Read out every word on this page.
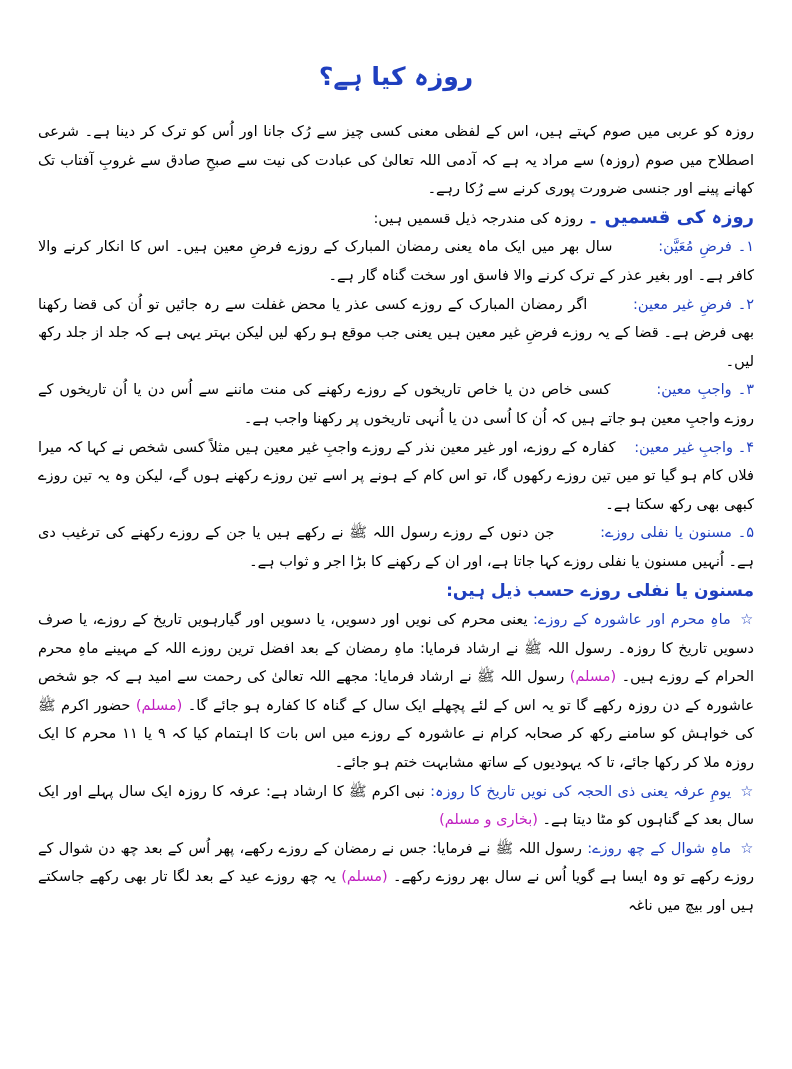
روزہ کیا ہے؟

روزہ کو عربی میں صوم کہتے ہیں، اس کے لفظی معنی کسی چیز سے رُک جانا اور اُس کو ترک کر دینا ہے۔ شرعی اصطلاح میں صوم (روزہ) سے مراد یہ ہے کہ آدمی اللہ تعالیٰ کی عبادت کی نیت سے صبحِ صادق سے غروبِ آفتاب تک کھانے پینے اور جنسی ضرورت پوری کرنے سے رُکا رہے۔

روزہ کی قسمیں ۔ روزہ کی مندرجہ ذیل قسمیں ہیں:

۱۔ فرضِ مُعَیَّن: سال بھر میں ایک ماہ یعنی رمضان المبارک کے روزے فرضِ معین ہیں۔ اس کا انکار کرنے والا کافر ہے۔ اور بغیر عذر کے ترک کرنے والا فاسق اور سخت گناہ گار ہے۔

۲۔ فرضِ غیر معین: اگر رمضان المبارک کے روزے کسی عذر یا محض غفلت سے رہ جائیں تو اُن کی قضا رکھنا بھی فرض ہے۔ قضا کے یہ روزے فرضِ غیر معین ہیں یعنی جب موقع ہو رکھ لیں لیکن بہتر یہی ہے کہ جلد از جلد رکھ لیں۔

۳۔ واجبِ معین: کسی خاص دن یا خاص تاریخوں کے روزے رکھنے کی منت ماننے سے اُس دن یا اُن تاریخوں کے روزے واجبِ معین ہو جاتے ہیں کہ اُن کا اُسی دن یا اُنہی تاریخوں پر رکھنا واجب ہے۔

۴۔ واجبِ غیر معین: کفارہ کے روزے، اور غیر معین نذر کے روزے واجبِ غیر معین ہیں مثلاً کسی شخص نے کہا کہ میرا فلاں کام ہو گیا تو میں تین روزے رکھوں گا، تو اس کام کے ہونے پر اسے تین روزے رکھنے ہوں گے، لیکن وہ یہ تین روزے کبھی بھی رکھ سکتا ہے۔

۵۔ مسنون یا نفلی روزے: جن دنوں کے روزے رسول اللہ ﷺ نے رکھے ہیں یا جن کے روزے رکھنے کی ترغیب دی ہے۔ اُنہیں مسنون یا نفلی روزے کہا جاتا ہے، اور ان کے رکھنے کا بڑا اجر و ثواب ہے۔

مسنون یا نفلی روزے حسب ذیل ہیں:

☆ ماہِ محرم اور عاشورہ کے روزے: یعنی محرم کی نویں اور دسویں، یا دسویں اور گیارہویں تاریخ کے روزے، یا صرف دسویں تاریخ کا روزہ۔ رسول اللہ ﷺ نے ارشاد فرمایا: ماہِ رمضان کے بعد افضل ترین روزے اللہ کے مہینے ماہِ محرم الحرام کے روزے ہیں۔ (مسلم) رسول اللہ ﷺ نے ارشاد فرمایا: مجھے اللہ تعالیٰ کی رحمت سے امید ہے کہ جو شخص عاشورہ کے دن روزہ رکھے گا تو یہ اس کے لئے پچھلے ایک سال کے گناہ کا کفارہ ہو جائے گا۔ (مسلم) حضور اکرم ﷺ کی خواہش کو سامنے رکھ کر صحابہ کرام نے عاشورہ کے روزے میں اس بات کا اہتمام کیا کہ ۹ یا ۱۱ محرم کا ایک روزہ ملا کر رکھا جائے، تا کہ یہودیوں کے ساتھ مشابہت ختم ہو جائے۔

☆ یومِ عرفہ یعنی ذی الحجہ کی نویں تاریخ کا روزہ: نبی اکرم ﷺ کا ارشاد ہے: عرفہ کا روزہ ایک سال پہلے اور ایک سال بعد کے گناہوں کو مٹا دیتا ہے۔ (بخاری و مسلم)

☆ ماہِ شوال کے چھ روزے: رسول اللہ ﷺ نے فرمایا: جس نے رمضان کے روزے رکھے، پھر اُس کے بعد چھ دن شوال کے روزے رکھے تو وہ ایسا ہے گویا اُس نے سال بھر روزے رکھے۔ (مسلم) یہ چھ روزے عید کے بعد لگا تار بھی رکھے جاسکتے ہیں اور بیچ میں ناغہ
